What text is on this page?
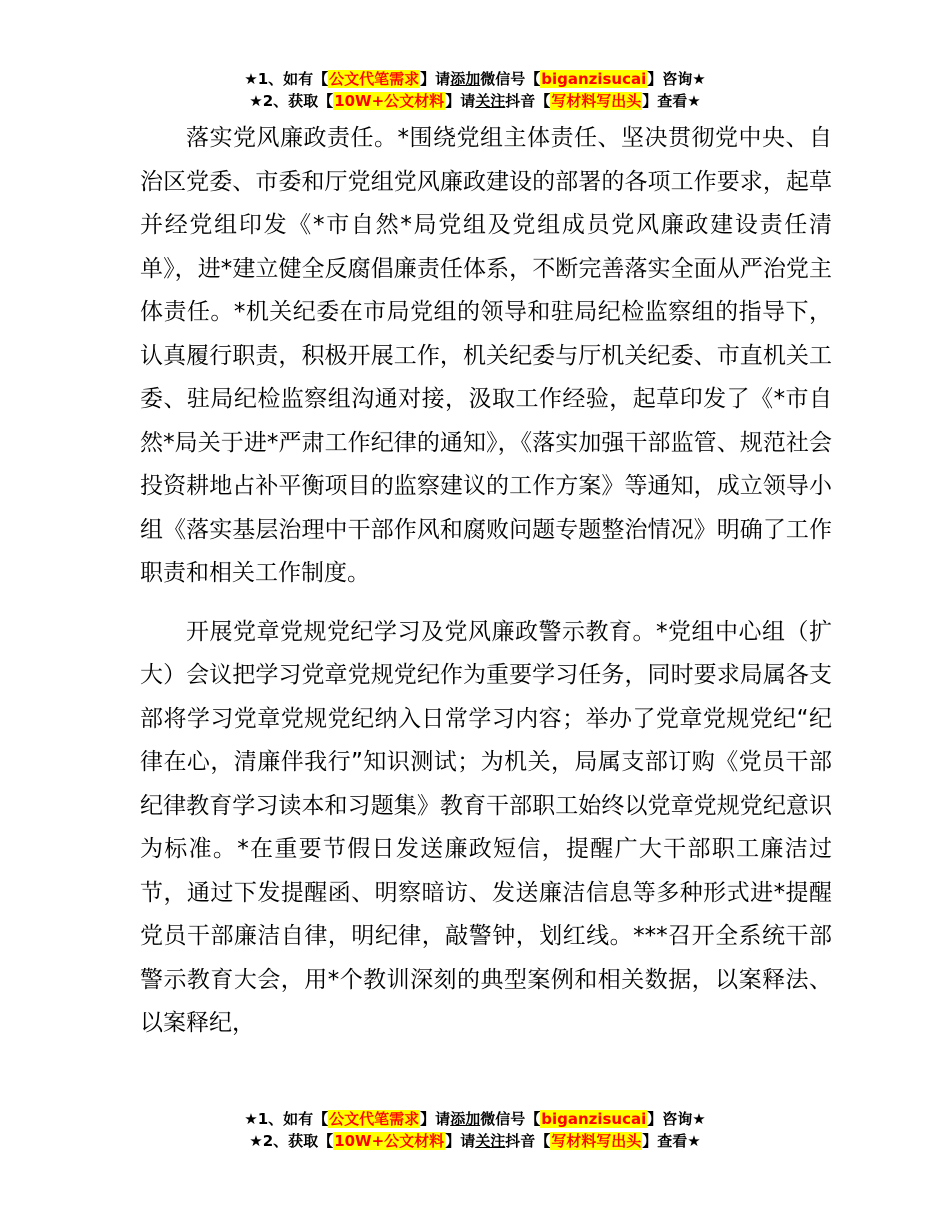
★1、如有【公文代笔需求】请添加微信号【biganzisucai】咨询★
★2、获取【10W+公文材料】请关注抖音【写材料写出头】查看★

落实党风廉政责任。*围绕党组主体责任、坚决贯彻党中央、自治区党委、市委和厅党组党风廉政建设的部署的各项工作要求，起草并经党组印发《*市自然*局党组及党组成员党风廉政建设责任清单》，进*建立健全反腐倡廉责任体系，不断完善落实全面从严治党主体责任。*机关纪委在市局党组的领导和驻局纪检监察组的指导下，认真履行职责，积极开展工作，机关纪委与厅机关纪委、市直机关工委、驻局纪检监察组沟通对接，汲取工作经验，起草印发了《*市自然*局关于进*严肃工作纪律的通知》，《落实加强干部监管、规范社会投资耕地占补平衡项目的监察建议的工作方案》等通知，成立领导小组《落实基层治理中干部作风和腐败问题专题整治情况》明确了工作职责和相关工作制度。

开展党章党规党纪学习及党风廉政警示教育。*党组中心组（扩大）会议把学习党章党规党纪作为重要学习任务，同时要求局属各支部将学习党章党规党纪纳入日常学习内容；举办了党章党规党纪“纪律在心，清廉伴我行”知识测试；为机关，局属支部订购《党员干部纪律教育学习读本和习题集》教育干部职工始终以党章党规党纪意识为标准。*在重要节假日发送廉政短信，提醒广大干部职工廉洁过节，通过下发提醒函、明察暗访、发送廉洁信息等多种形式进*提醒党员干部廉洁自律，明纪律，敲警钟，划红线。***召开全系统干部警示教育大会，用*个教训深刻的典型案例和相关数据，以案释法、以案释纪，

★1、如有【公文代笔需求】请添加微信号【biganzisucai】咨询★
★2、获取【10W+公文材料】请关注抖音【写材料写出头】查看★
